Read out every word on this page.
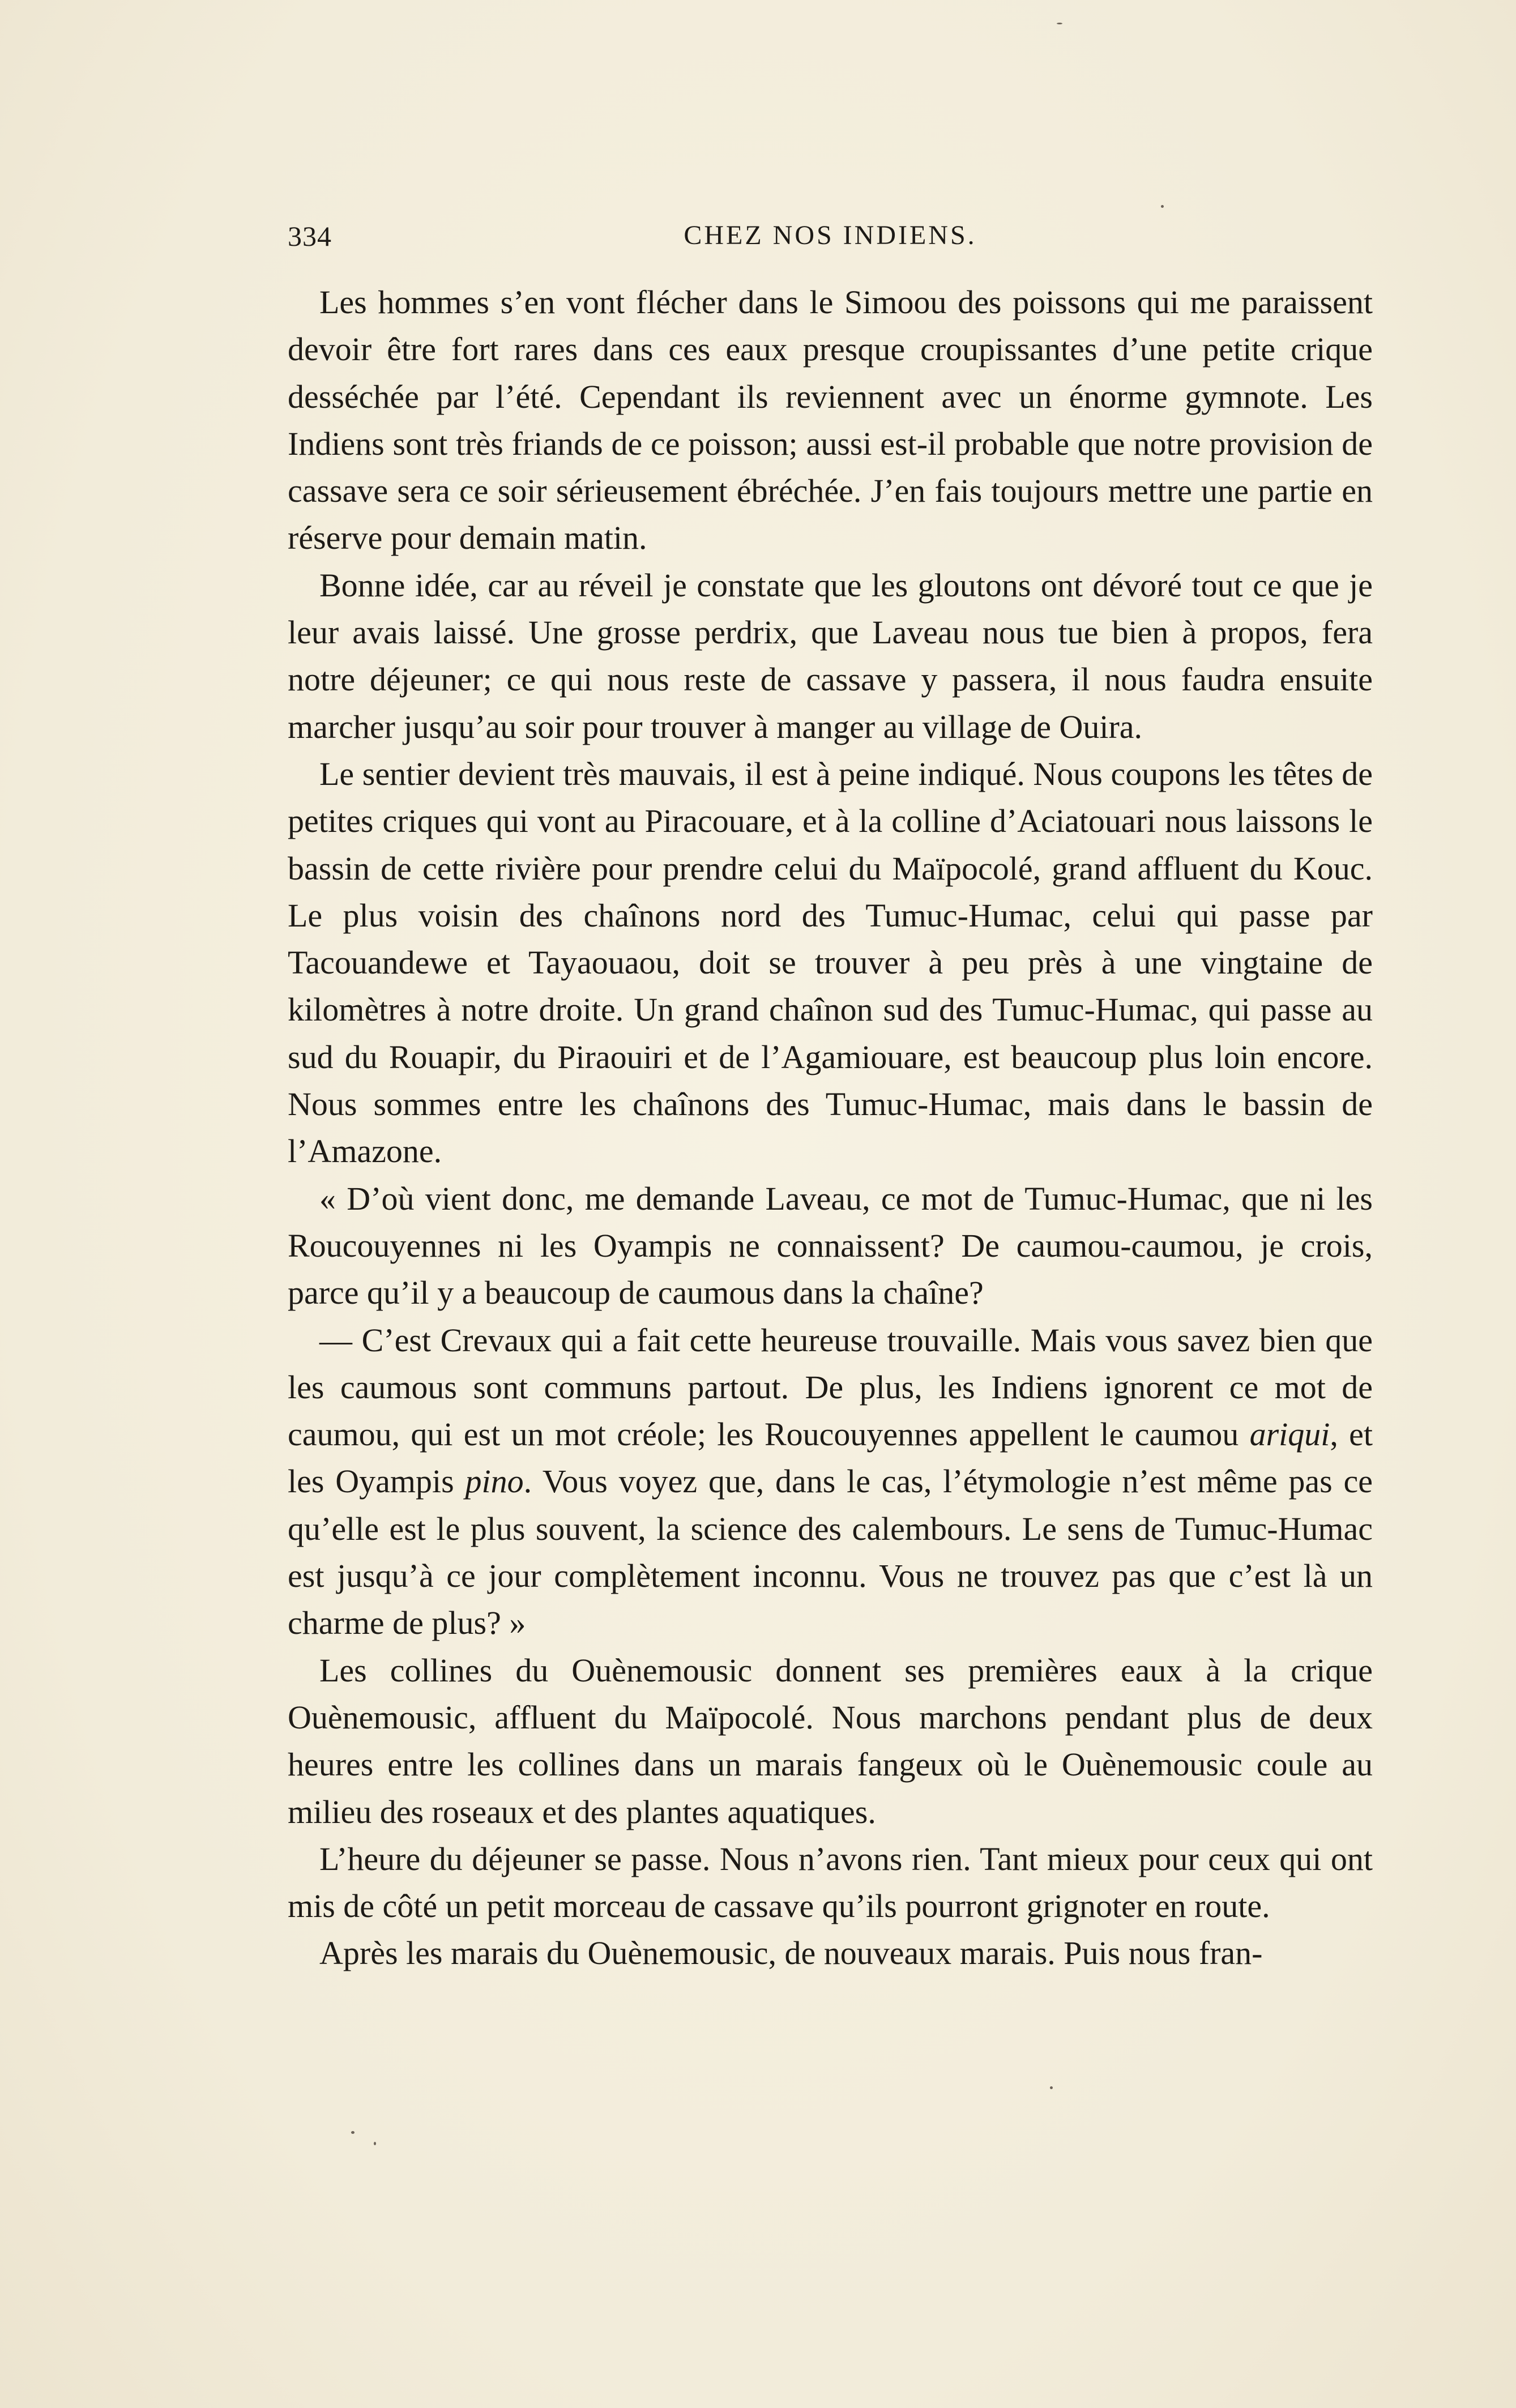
334	CHEZ NOS INDIENS.

Les hommes s’en vont flécher dans le Simoou des poissons qui me paraissent devoir être fort rares dans ces eaux presque croupissantes d’une petite crique desséchée par l’été. Cependant ils reviennent avec un énorme gymnote. Les Indiens sont très friands de ce poisson; aussi est-il probable que notre provision de cassave sera ce soir sérieusement ébréchée. J’en fais toujours mettre une partie en réserve pour demain matin.

Bonne idée, car au réveil je constate que les gloutons ont dévoré tout ce que je leur avais laissé. Une grosse perdrix, que Laveau nous tue bien à propos, fera notre déjeuner; ce qui nous reste de cassave y passera, il nous faudra ensuite marcher jusqu’au soir pour trouver à manger au village de Ouira.

Le sentier devient très mauvais, il est à peine indiqué. Nous coupons les têtes de petites criques qui vont au Piracouare, et à la colline d’Aciatouari nous laissons le bassin de cette rivière pour prendre celui du Maïpocolé, grand affluent du Kouc. Le plus voisin des chaînons nord des Tumuc-Humac, celui qui passe par Tacouandewe et Tayaouaou, doit se trouver à peu près à une vingtaine de kilomètres à notre droite. Un grand chaînon sud des Tumuc-Humac, qui passe au sud du Rouapir, du Piraouiri et de l’Agamiouare, est beaucoup plus loin encore. Nous sommes entre les chaînons des Tumuc-Humac, mais dans le bassin de l’Amazone.

« D’où vient donc, me demande Laveau, ce mot de Tumuc-Humac, que ni les Roucouyennes ni les Oyampis ne connaissent? De caumou-caumou, je crois, parce qu’il y a beaucoup de caumous dans la chaîne?

— C’est Crevaux qui a fait cette heureuse trouvaille. Mais vous savez bien que les caumous sont communs partout. De plus, les Indiens ignorent ce mot de caumou, qui est un mot créole; les Roucouyennes appellent le caumou ariqui, et les Oyampis pino. Vous voyez que, dans le cas, l’étymologie n’est même pas ce qu’elle est le plus souvent, la science des calembours. Le sens de Tumuc-Humac est jusqu’à ce jour complètement inconnu. Vous ne trouvez pas que c’est là un charme de plus? »

Les collines du Ouènemousic donnent ses premières eaux à la crique Ouènemousic, affluent du Maïpocolé. Nous marchons pendant plus de deux heures entre les collines dans un marais fangeux où le Ouènemousic coule au milieu des roseaux et des plantes aquatiques.

L’heure du déjeuner se passe. Nous n’avons rien. Tant mieux pour ceux qui ont mis de côté un petit morceau de cassave qu’ils pourront grignoter en route.

Après les marais du Ouènemousic, de nouveaux marais. Puis nous fran-
